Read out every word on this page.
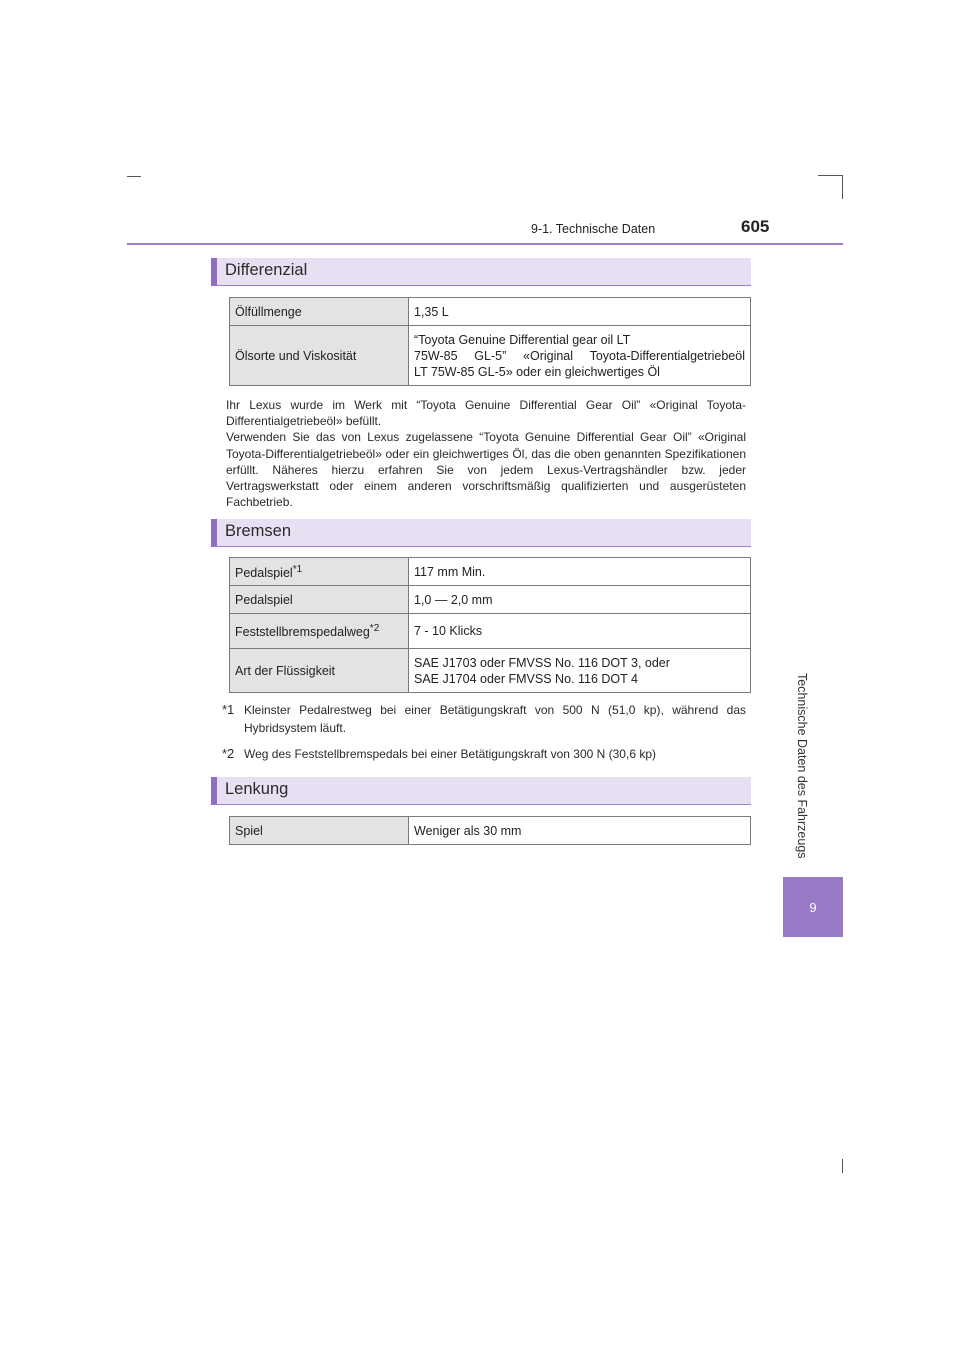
9-1. Technische Daten	605
Technische Daten des Fahrzeugs
9
Differenzial
Ölfüllmenge	1,35 L
Ölsorte und Viskosität	“Toyota Genuine Differential gear oil LT
75W-85 GL-5” «Original Toyota-Differentialgetriebeöl
LT 75W-85 GL-5» oder ein gleichwertiges Öl
Ihr Lexus wurde im Werk mit “Toyota Genuine Differential Gear Oil” «Original Toyota-Differentialgetriebeöl» befüllt.
Verwenden Sie das von Lexus zugelassene “Toyota Genuine Differential Gear Oil” «Original Toyota-Differentialgetriebeöl» oder ein gleichwertiges Öl, das die oben genannten Spezifikationen erfüllt. Näheres hierzu erfahren Sie von jedem Lexus-Vertragshändler bzw. jeder Vertragswerkstatt oder einem anderen vorschriftsmäßig qualifizierten und ausgerüsteten Fachbetrieb.
Bremsen
Pedalspiel$^{*1}$	117 mm Min.
Pedalspiel	1,0 — 2,0 mm
Feststellbremspedalweg$^{*2}$	7 - 10 Klicks
Art der Flüssigkeit	SAE J1703 oder FMVSS No. 116 DOT 3, oder
SAE J1704 oder FMVSS No. 116 DOT 4
*1 Kleinster Pedalrestweg bei einer Betätigungskraft von 500 N (51,0 kp), während das Hybridsystem läuft.
*2 Weg des Feststellbremspedals bei einer Betätigungskraft von 300 N (30,6 kp)
Lenkung
Spiel	Weniger als 30 mm
